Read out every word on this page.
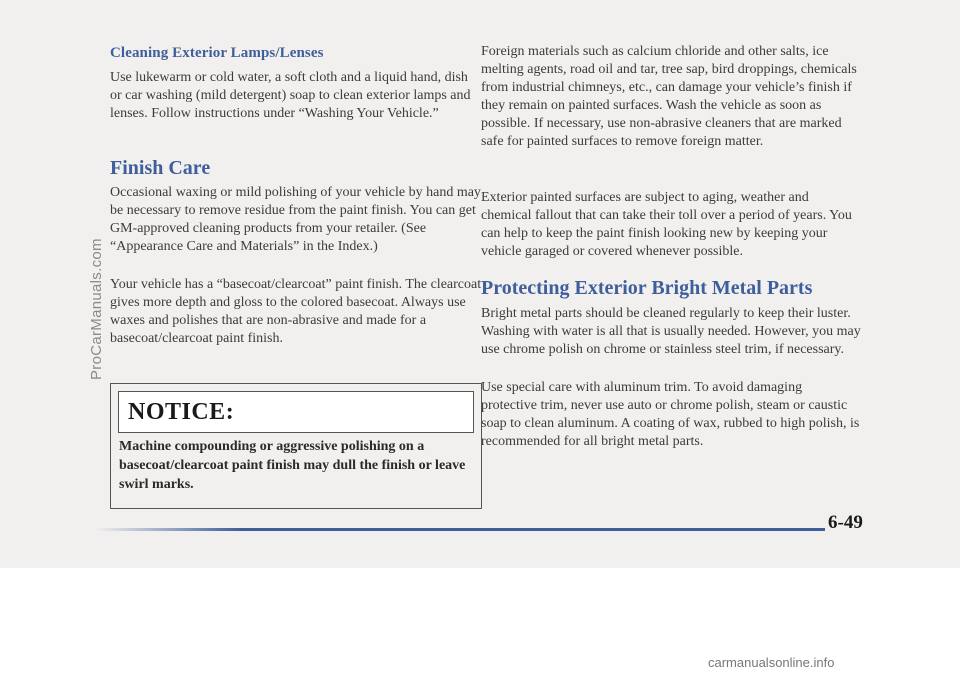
ProCarManuals.com
Cleaning Exterior Lamps/Lenses

Use lukewarm or cold water, a soft cloth and a liquid hand, dish or car washing (mild detergent) soap to clean exterior lamps and lenses. Follow instructions under “Washing Your Vehicle.”

Finish Care

Occasional waxing or mild polishing of your vehicle by hand may be necessary to remove residue from the paint finish. You can get GM-approved cleaning products from your retailer. (See “Appearance Care and Materials” in the Index.)

Your vehicle has a “basecoat/clearcoat” paint finish. The clearcoat gives more depth and gloss to the colored basecoat. Always use waxes and polishes that are non-abrasive and made for a basecoat/clearcoat paint finish.

NOTICE:

Machine compounding or aggressive polishing on a basecoat/clearcoat paint finish may dull the finish or leave swirl marks.

Foreign materials such as calcium chloride and other salts, ice melting agents, road oil and tar, tree sap, bird droppings, chemicals from industrial chimneys, etc., can damage your vehicle’s finish if they remain on painted surfaces. Wash the vehicle as soon as possible. If necessary, use non-abrasive cleaners that are marked safe for painted surfaces to remove foreign matter.

Exterior painted surfaces are subject to aging, weather and chemical fallout that can take their toll over a period of years. You can help to keep the paint finish looking new by keeping your vehicle garaged or covered whenever possible.

Protecting Exterior Bright Metal Parts

Bright metal parts should be cleaned regularly to keep their luster. Washing with water is all that is usually needed. However, you may use chrome polish on chrome or stainless steel trim, if necessary.

Use special care with aluminum trim. To avoid damaging protective trim, never use auto or chrome polish, steam or caustic soap to clean aluminum. A coating of wax, rubbed to high polish, is recommended for all bright metal parts.

6-49
carmanualsonline.info
